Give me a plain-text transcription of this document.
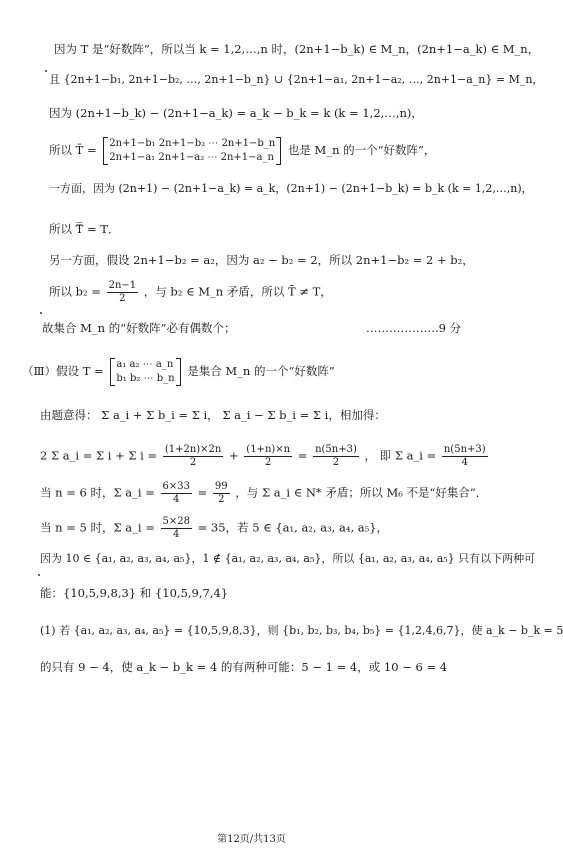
因为 T 是“好数阵”，所以当 k = 1,2,…,n 时，(2n+1−b_k) ∈ M_n，(2n+1−a_k) ∈ M_n，
且 {2n+1−b₁, 2n+1−b₂, …, 2n+1−b_n} ∪ {2n+1−a₁, 2n+1−a₂, …, 2n+1−a_n} = M_n，
因为 (2n+1−b_k) − (2n+1−a_k) = a_k − b_k = k (k = 1,2,…,n)，
所以 T̄ = 2n+1−b₁ 2n+1−b₂ ⋯ 2n+1−b_n
2n+1−a₁ 2n+1−a₂ ⋯ 2n+1−a_n
也是 M_n 的一个“好数阵”，
一方面，因为 (2n+1) − (2n+1−a_k) = a_k，(2n+1) − (2n+1−b_k) = b_k (k = 1,2,…,n)，
所以 T̿ = T．
另一方面，假设 2n+1−b₂ = a₂，因为 a₂ − b₂ = 2，所以 2n+1−b₂ = 2 + b₂，
所以 $b_2 = \frac{2n-1}{2}$ ，与 b₂ ∈ M_n 矛盾，所以 T̄ ≠ T，
故集合 M_n 的“好数阵”必有偶数个；	……………….9 分
（Ⅲ）假设 T = a₁ a₂ ⋯ a_n
b₁ b₂ ⋯ b_n
是集合 M_n 的一个“好数阵”
由题意得： Σ a_i + Σ b_i = Σ i， Σ a_i − Σ b_i = Σ i，相加得：
2 Σ a_i = Σ i + Σ $i = \frac{(1+2n)\times 2n}{2} + \frac{(1+n)\times n}{2} = \frac{n(5n+3)}{2}$ ， 即 Σ a_i = $\frac{n(5n+3)}{4}$
当 n = 6 时，Σ a_i = $\frac{6\times 33}{4} = \frac{99}{2}$ ，与 Σ a_i ∈ N* 矛盾；所以 M₆ 不是“好集合”．
当 n = 5 时，Σ a_i = $\frac{5\times 28}{4} = 35$，若 5 ∈ {a₁, a₂, a₃, a₄, a₅}，
因为 10 ∈ {a₁, a₂, a₃, a₄, a₅}，1 ∉ {a₁, a₂, a₃, a₄, a₅}，所以 {a₁, a₂, a₃, a₄, a₅} 只有以下两种可
能：{10,5,9,8,3} 和 {10,5,9,7,4}
(1) 若 {a₁, a₂, a₃, a₄, a₅} = {10,5,9,8,3}，则 {b₁, b₂, b₃, b₄, b₅} = {1,2,4,6,7}，使 a_k − b_k = 5
的只有 9 − 4，使 a_k − b_k = 4 的有两种可能：5 − 1 = 4，或 10 − 6 = 4
第12页/共13页
